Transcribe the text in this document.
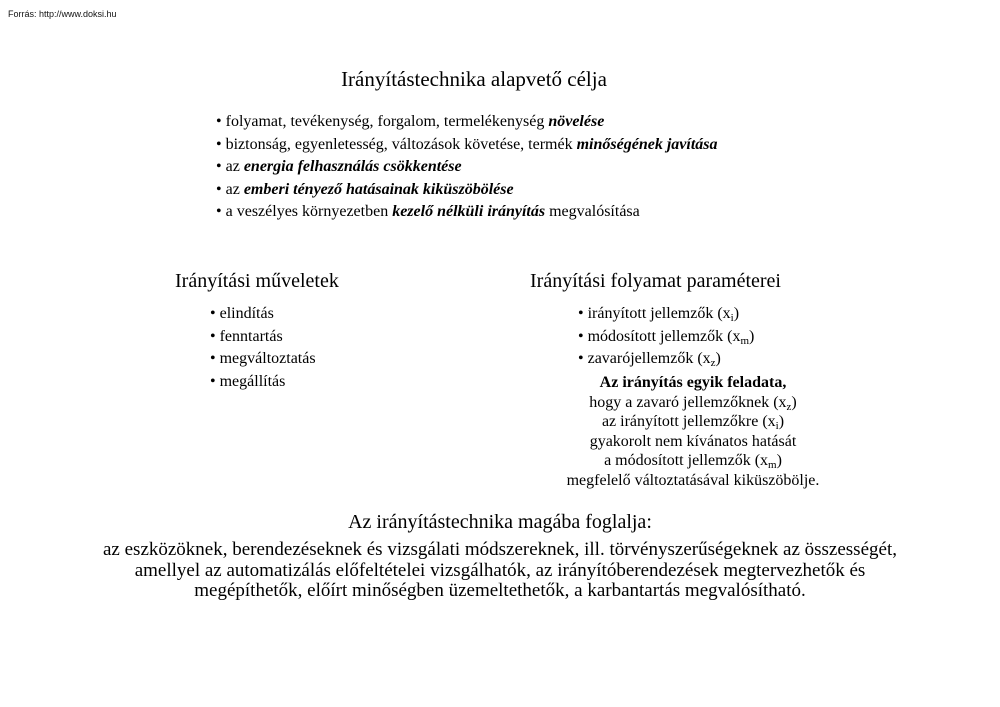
Forrás: http://www.doksi.hu
Irányítástechnika alapvető célja
• folyamat, tevékenység, forgalom, termelékenység növelése
• biztonság, egyenletesség, változások követése, termék minőségének javítása
• az energia felhasználás csökkentése
• az emberi tényező hatásainak kiküszöbölése
• a veszélyes környezetben kezelő nélküli irányítás megvalósítása
Irányítási műveletek	Irányítási folyamat paraméterei
• elindítás
• fenntartás
• megváltoztatás
• megállítás
• irányított jellemzők $(x_i)$
• módosított jellemzők $(x_m)$
• zavarójellemzők $(x_z)$
Az irányítás egyik feladata,
hogy a zavaró jellemzőknek $(x_z)$
az irányított jellemzőkre $(x_i)$
gyakorolt nem kívánatos hatását
a módosított jellemzők $(x_m)$
megfelelő változtatásával kiküszöbölje.
Az irányítástechnika magába foglalja:
az eszközöknek, berendezéseknek és vizsgálati módszereknek, ill. törvényszerűségeknek az összességét, amellyel az automatizálás előfeltételei vizsgálhatók, az irányítóberendezések megtervezhetők és megépíthetők, előírt minőségben üzemeltethetők, a karbantartás megvalósítható.
